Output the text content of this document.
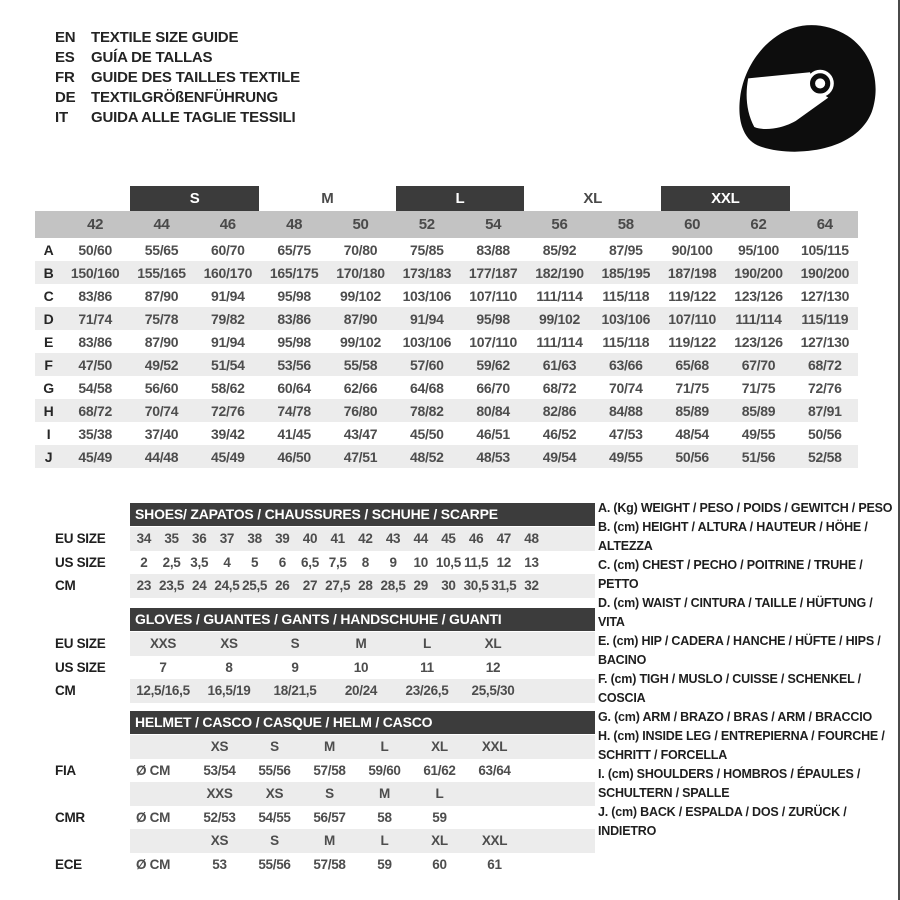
EN	TEXTILE SIZE GUIDE
ES	GUÍA DE TALLAS
FR	GUIDE DES TAILLES TEXTILE
DE	TEXTILGRÖßENFÜHRUNG
IT	GUIDA ALLE TAGLIE TESSILI

		S		M		L		XL		XXL		

	42	44	46	48	50	52	54	56	58	60	62	64
A	50/60	55/65	60/70	65/75	70/80	75/85	83/88	85/92	87/95	90/100	95/100	105/115
B	150/160	155/165	160/170	165/175	170/180	173/183	177/187	182/190	185/195	187/198	190/200	190/200
C	83/86	87/90	91/94	95/98	99/102	103/106	107/110	111/114	115/118	119/122	123/126	127/130
D	71/74	75/78	79/82	83/86	87/90	91/94	95/98	99/102	103/106	107/110	111/114	115/119
E	83/86	87/90	91/94	95/98	99/102	103/106	107/110	111/114	115/118	119/122	123/126	127/130
F	47/50	49/52	51/54	53/56	55/58	57/60	59/62	61/63	63/66	65/68	67/70	68/72
G	54/58	56/60	58/62	60/64	62/66	64/68	66/70	68/72	70/74	71/75	71/75	72/76
H	68/72	70/74	72/76	74/78	76/80	78/82	80/84	82/86	84/88	85/89	85/89	87/91
I	35/38	37/40	39/42	41/45	43/47	45/50	46/51	46/52	47/53	48/54	49/55	50/56
J	45/49	44/48	45/49	46/50	47/51	48/52	48/53	49/54	49/55	50/56	51/56	52/58

	SHOES/ ZAPATOS / CHAUSSURES / SCHUHE / SCARPE															

EU SIZE	34	35	36	37	38	39	40	41	42	43	44	45	46	47	48	
US SIZE	2	2,5	3,5	4	5	6	6,5	7,5	8	9	10	10,5	11,5	12	13	
CM	23	23,5	24	24,5	25,5	26	27	27,5	28	28,5	29	30	30,5	31,5	32	

	GLOVES / GUANTES / GANTS / HANDSCHUHE / GUANTI						

EU SIZE	XXS	XS	S	M	L	XL	
US SIZE	7	8	9	10	11	12	
CM	12,5/16,5	16,5/19	18/21,5	20/24	23/26,5	25,5/30	

	HELMET / CASCO / CASQUE / HELM / CASCO							

		XS	S	M	L	XL	XXL	
FIA	Ø CM	53/54	55/56	57/58	59/60	61/62	63/64	
		XXS	XS	S	M	L		
CMR	Ø CM	52/53	54/55	56/57	58	59		
		XS	S	M	L	XL	XXL	
ECE	Ø CM	53	55/56	57/58	59	60	61	
A. (Kg) WEIGHT / PESO / POIDS / GEWITCH / PESO
B. (cm) HEIGHT / ALTURA / HAUTEUR / HÖHE / ALTEZZA
C. (cm) CHEST / PECHO / POITRINE / TRUHE / PETTO
D. (cm) WAIST / CINTURA / TAILLE / HÜFTUNG / VITA
E. (cm) HIP / CADERA / HANCHE / HÜFTE / HIPS / BACINO
F. (cm) TIGH / MUSLO / CUISSE / SCHENKEL / COSCIA
G. (cm) ARM / BRAZO / BRAS / ARM / BRACCIO
H. (cm) INSIDE LEG / ENTREPIERNA / FOURCHE / SCHRITT / FORCELLA
I. (cm) SHOULDERS / HOMBROS / ÉPAULES / SCHULTERN / SPALLE
J. (cm) BACK / ESPALDA / DOS / ZURÜCK / INDIETRO
